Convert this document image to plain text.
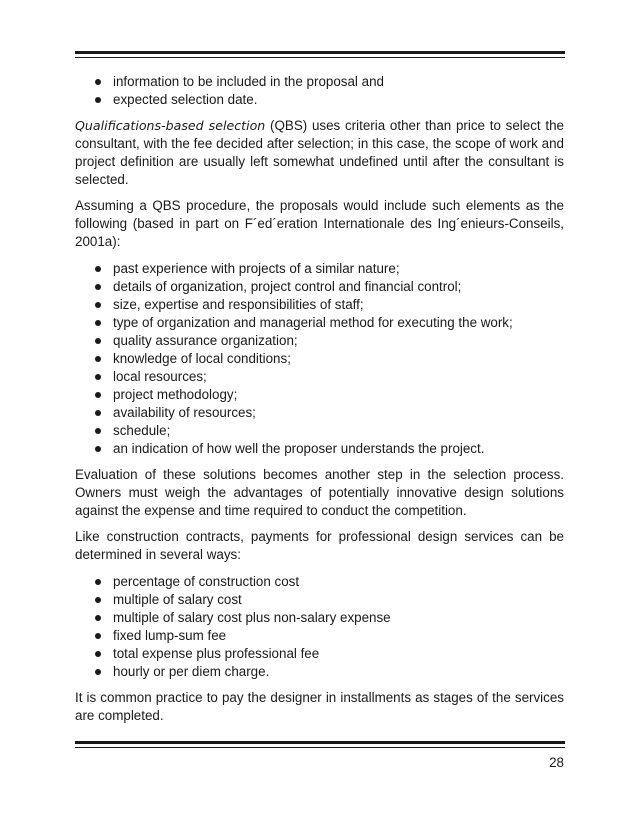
information to be included in the proposal and
expected selection date.

Qualifications-based selection (QBS) uses criteria other than price to select the consultant, with the fee decided after selection; in this case, the scope of work and project definition are usually left somewhat undefined until after the consultant is selected.

Assuming a QBS procedure, the proposals would include such elements as the following (based in part on F´ed´eration Internationale des Ing´enieurs-Conseils, 2001a):

past experience with projects of a similar nature;
details of organization, project control and financial control;
size, expertise and responsibilities of staff;
type of organization and managerial method for executing the work;
quality assurance organization;
knowledge of local conditions;
local resources;
project methodology;
availability of resources;
schedule;
an indication of how well the proposer understands the project.

Evaluation of these solutions becomes another step in the selection process. Owners must weigh the advantages of potentially innovative design solutions against the expense and time required to conduct the competition.

Like construction contracts, payments for professional design services can be determined in several ways:

percentage of construction cost
multiple of salary cost
multiple of salary cost plus non-salary expense
fixed lump-sum fee
total expense plus professional fee
hourly or per diem charge.

It is common practice to pay the designer in installments as stages of the services are completed.

28
